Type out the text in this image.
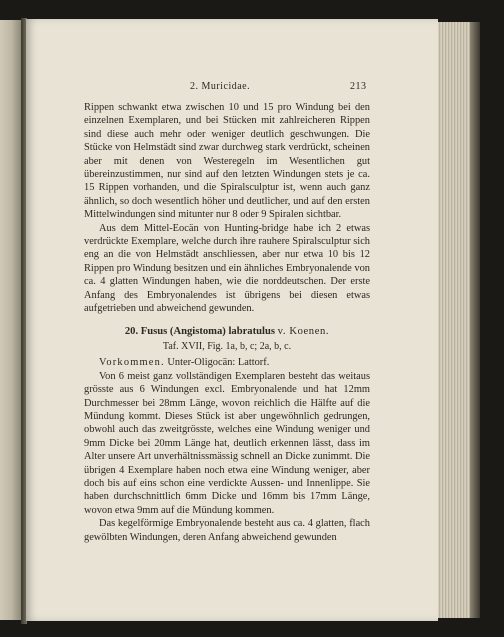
2. Muricidae.	213

Rippen schwankt etwa zwischen 10 und 15 pro Windung bei den einzelnen Exemplaren, und bei Stücken mit zahlreicheren Rippen sind diese auch mehr oder weniger deutlich geschwungen. Die Stücke von Helmstädt sind zwar durchweg stark verdrückt, scheinen aber mit denen von Westeregeln im Wesentlichen gut übereinzustimmen, nur sind auf den letzten Windungen stets je ca. 15 Rippen vorhanden, und die Spiralsculptur ist, wenn auch ganz ähnlich, so doch wesentlich höher und deutlicher, und auf den ersten Mittelwindungen sind mitunter nur 8 oder 9 Spiralen sichtbar.

Aus dem Mittel-Eocän von Hunting-bridge habe ich 2 etwas verdrückte Exemplare, welche durch ihre rauhere Spiralsculptur sich eng an die von Helmstädt anschliessen, aber nur etwa 10 bis 12 Rippen pro Windung besitzen und ein ähnliches Embryonalende von ca. 4 glatten Windungen haben, wie die norddeutschen. Der erste Anfang des Embryonalendes ist übrigens bei diesen etwas aufgetrieben und abweichend gewunden.

20. Fusus (Angistoma) labratulus v. Koenen.

Taf. XVII, Fig. 1a, b, c; 2a, b, c.

Vorkommen. Unter-Oligocän: Lattorf.

Von 6 meist ganz vollständigen Exemplaren besteht das weitaus grösste aus 6 Windungen excl. Embryonalende und hat 12mm Durchmesser bei 28mm Länge, wovon reichlich die Hälfte auf die Mündung kommt. Dieses Stück ist aber ungewöhnlich gedrungen, obwohl auch das zweitgrösste, welches eine Windung weniger und 9mm Dicke bei 20mm Länge hat, deutlich erkennen lässt, dass im Alter unsere Art unverhältnissmässig schnell an Dicke zunimmt. Die übrigen 4 Exemplare haben noch etwa eine Windung weniger, aber doch bis auf eins schon eine verdickte Aussen- und Innenlippe. Sie haben durchschnittlich 6mm Dicke und 16mm bis 17mm Länge, wovon etwa 9mm auf die Mündung kommen.

Das kegelförmige Embryonalende besteht aus ca. 4 glatten, flach gewölbten Windungen, deren Anfang abweichend gewunden
